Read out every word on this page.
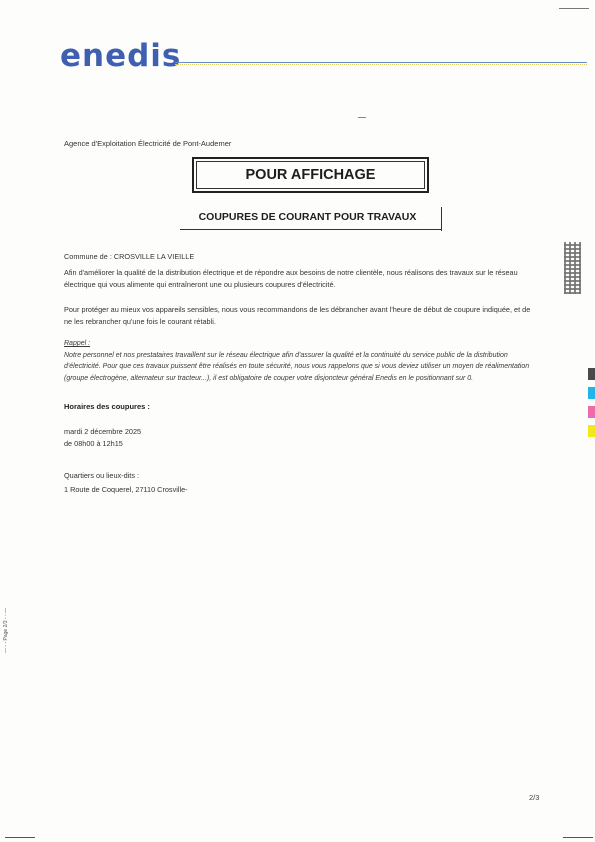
enedis
Agence d'Exploitation Électricité de Pont-Audemer
POUR AFFICHAGE
COUPURES DE COURANT POUR TRAVAUX
Commune de : CROSVILLE LA VIEILLE
Afin d'améliorer la qualité de la distribution électrique et de répondre aux besoins de notre clientèle, nous réalisons des travaux sur le réseau électrique qui vous alimente qui entraîneront une ou plusieurs coupures d'électricité.
Pour protéger au mieux vos appareils sensibles, nous vous recommandons de les débrancher avant l'heure de début de coupure indiquée, et de ne les rebrancher qu'une fois le courant rétabli.
Rappel :
Notre personnel et nos prestataires travaillent sur le réseau électrique afin d'assurer la qualité et la continuité du service public de la distribution d'électricité. Pour que ces travaux puissent être réalisés en toute sécurité, nous vous rappelons que si vous deviez utiliser un moyen de réalimentation (groupe électrogène, alternateur sur tracteur...), il est obligatoire de couper votre disjoncteur général Enedis en le positionnant sur 0.
Horaires des coupures :
mardi 2 décembre 2025
de 08h00 à 12h15
Quartiers ou lieux-dits :
1 Route de Coquerel, 27110 Crosville-
2/3
— - - Page 2/3 - - —
